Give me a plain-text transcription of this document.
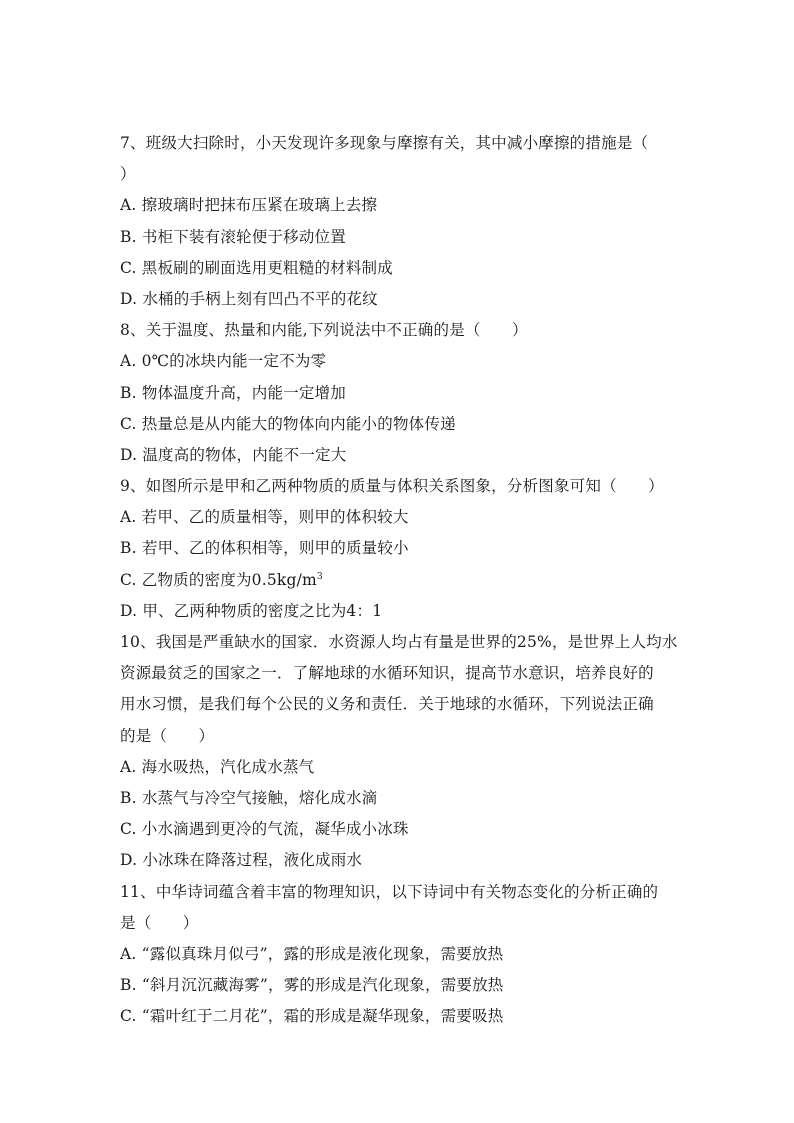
7、班级大扫除时，小天发现许多现象与摩擦有关，其中减小摩擦的措施是（
）
A. 擦玻璃时把抹布压紧在玻璃上去擦
B. 书柜下装有滚轮便于移动位置
C. 黑板刷的刷面选用更粗糙的材料制成
D. 水桶的手柄上刻有凹凸不平的花纹
8、关于温度、热量和内能,下列说法中不正确的是（　　）
A. 0℃的冰块内能一定不为零
B. 物体温度升高，内能一定增加
C. 热量总是从内能大的物体向内能小的物体传递
D. 温度高的物体，内能不一定大
9、如图所示是甲和乙两种物质的质量与体积关系图象，分析图象可知（　　）
A. 若甲、乙的质量相等，则甲的体积较大
B. 若甲、乙的体积相等，则甲的质量较小
C. 乙物质的密度为$0.5kg/m^3$
D. 甲、乙两种物质的密度之比为4：1
10、我国是严重缺水的国家．水资源人均占有量是世界的25%，是世界上人均水
资源最贫乏的国家之一．了解地球的水循环知识，提高节水意识，培养良好的
用水习惯，是我们每个公民的义务和责任．关于地球的水循环，下列说法正确
的是（　　）
A. 海水吸热，汽化成水蒸气
B. 水蒸气与冷空气接触，熔化成水滴
C. 小水滴遇到更冷的气流，凝华成小冰珠
D. 小冰珠在降落过程，液化成雨水
11、中华诗词蕴含着丰富的物理知识，以下诗词中有关物态变化的分析正确的
是（　　）
A. “露似真珠月似弓”，露的形成是液化现象，需要放热
B. “斜月沉沉藏海雾”，雾的形成是汽化现象，需要放热
C. “霜叶红于二月花”，霜的形成是凝华现象，需要吸热
